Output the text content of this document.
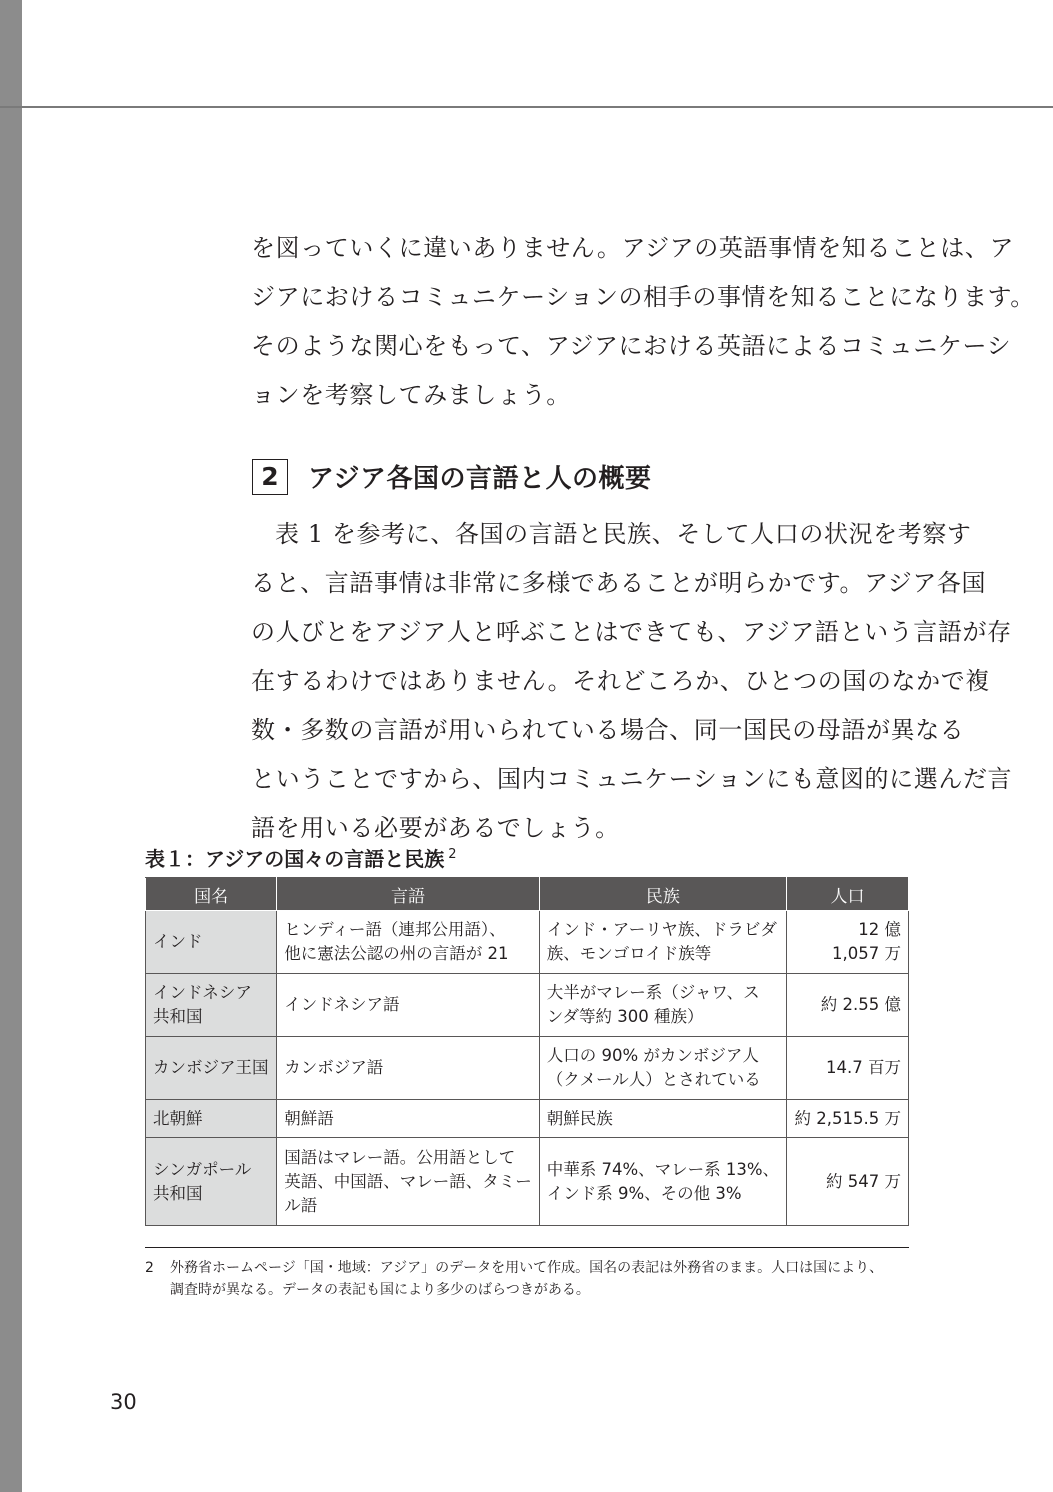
を図っていくに違いありません。アジアの英語事情を知ることは、ア
ジアにおけるコミュニケーションの相手の事情を知ることになります。
そのような関心をもって、アジアにおける英語によるコミュニケーシ
ョンを考察してみましょう。
2	アジア各国の言語と人の概要
表 1 を参考に、各国の言語と民族、そして人口の状況を考察す
ると、言語事情は非常に多様であることが明らかです。アジア各国
の人びとをアジア人と呼ぶことはできても、アジア語という言語が存
在するわけではありません。それどころか、ひとつの国のなかで複
数・多数の言語が用いられている場合、同一国民の母語が異なる
ということですから、国内コミュニケーションにも意図的に選んだ言
語を用いる必要があるでしょう。
表１：アジアの国々の言語と民族 $^2$
国名	言語	民族	人口

インド	ヒンディー語（連邦公用語）、
他に憲法公認の州の言語が 21	インド・アーリヤ族、ドラビダ
族、モンゴロイド族等	12 億
1,057 万

インドネシア
共和国	インドネシア語	大半がマレー系（ジャワ、ス
ンダ等約 300 種族）	約 2.55 億

カンボジア王国	カンボジア語	人口の 90% がカンボジア人
（クメール人）とされている	14.7 百万

北朝鮮	朝鮮語	朝鮮民族	約 2,515.5 万

シンガポール
共和国	国語はマレー語。公用語として
英語、中国語、マレー語、タミー
ル語	中華系 74%、マレー系 13%、
インド系 9%、その他 3%	約 547 万
2 外務省ホームページ「国・地域：アジア」のデータを用いて作成。国名の表記は外務省のまま。人口は国により、
調査時が異なる。データの表記も国により多少のばらつきがある。
30
